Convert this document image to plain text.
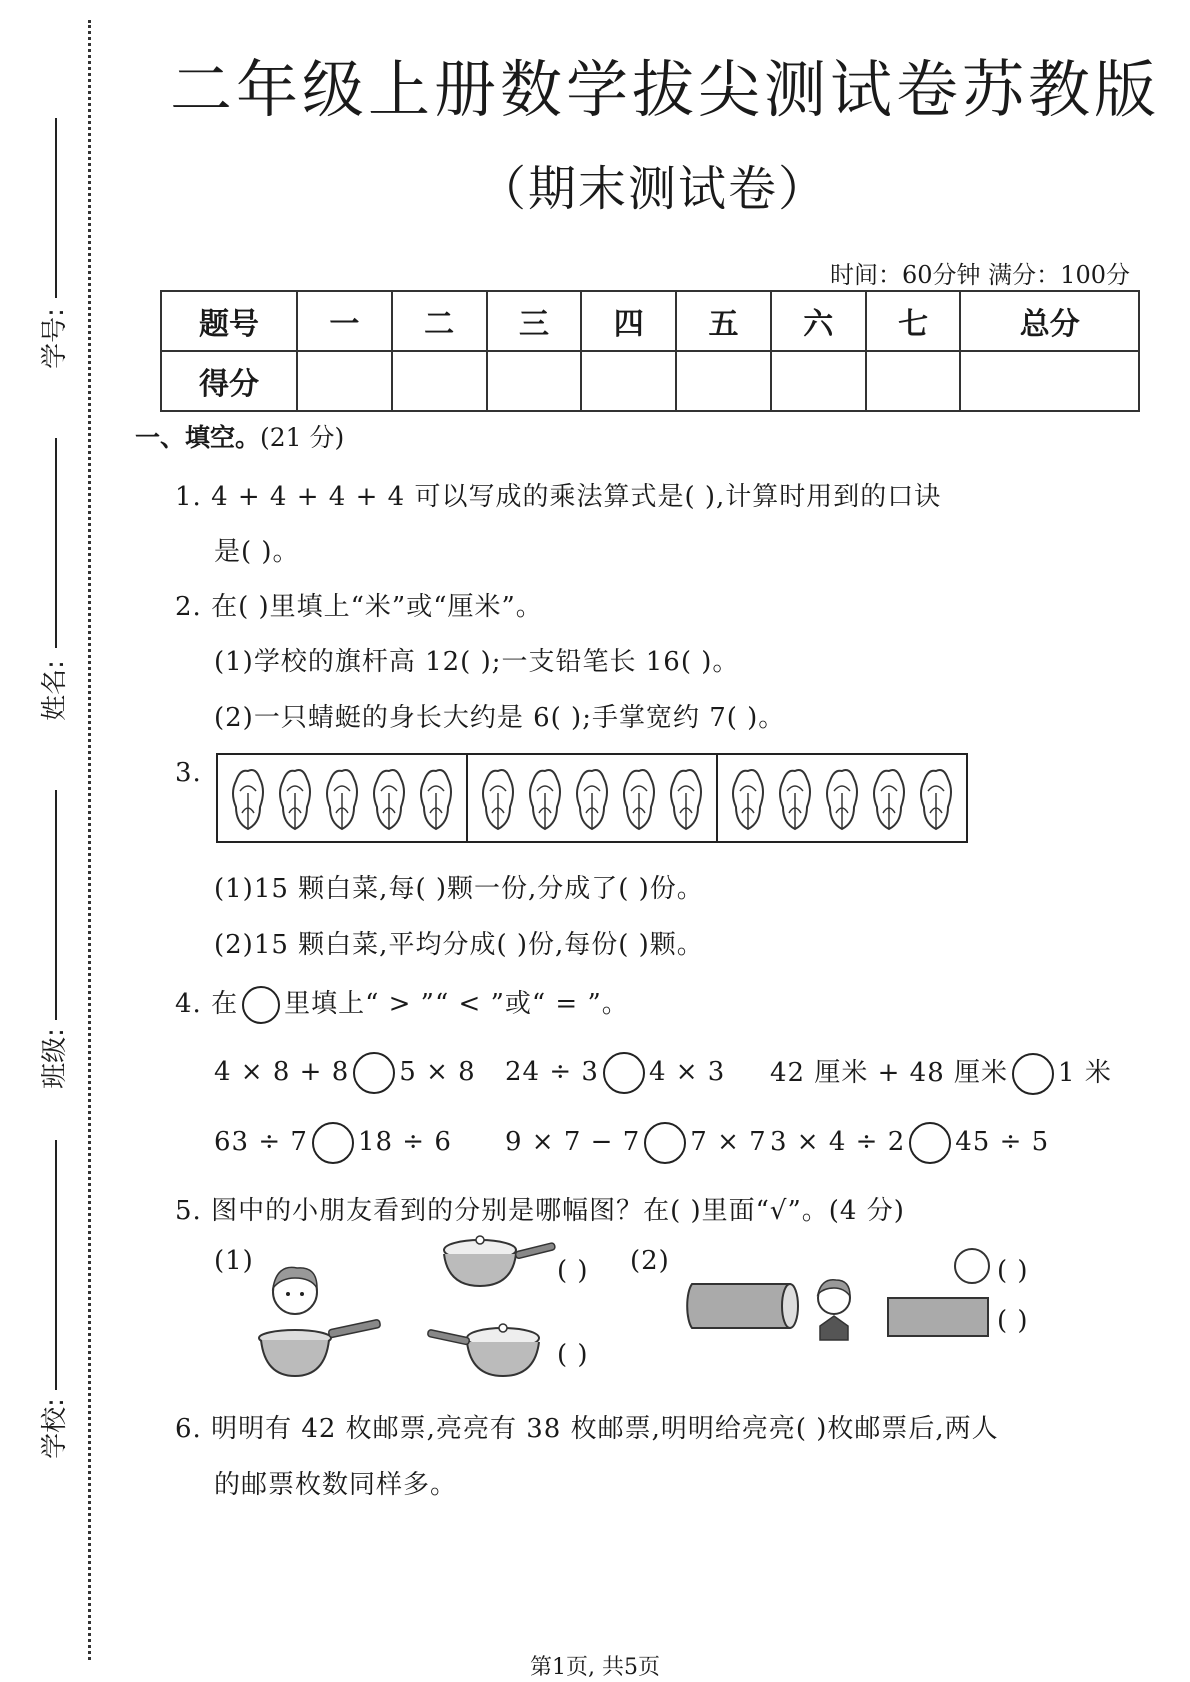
学号:
姓名:
班级:
学校:
二年级上册数学拔尖测试卷苏教版
（期末测试卷）
时间：60分钟 满分：100分
题号	一	二	三	四	五	六	七	总分
得分								
一、填空。(21 分)
1. 4 + 4 + 4 + 4 可以写成的乘法算式是( ),计算时用到的口诀
是( )。
2. 在( )里填上“米”或“厘米”。
(1)学校的旗杆高 12( );一支铅笔长 16( )。
(2)一只蜻蜓的身长大约是 6( );手掌宽约 7( )。
3.
(1)15 颗白菜,每( )颗一份,分成了( )份。
(2)15 颗白菜,平均分成( )份,每份( )颗。
4. 在 里填上“ > ”“ < ”或“ = ”。
4 × 8 + 8 5 × 8 24 ÷ 3 4 × 3 42 厘米 + 48 厘米 1 米
63 ÷ 7 18 ÷ 6 9 × 7 − 7 7 × 7 3 × 4 ÷ 2 45 ÷ 5
5. 图中的小朋友看到的分别是哪幅图？在( )里面“√”。(4 分)
(1)	(2)
( )
( )
( )
( )
6. 明明有 42 枚邮票,亮亮有 38 枚邮票,明明给亮亮( )枚邮票后,两人
的邮票枚数同样多。
第1页, 共5页
